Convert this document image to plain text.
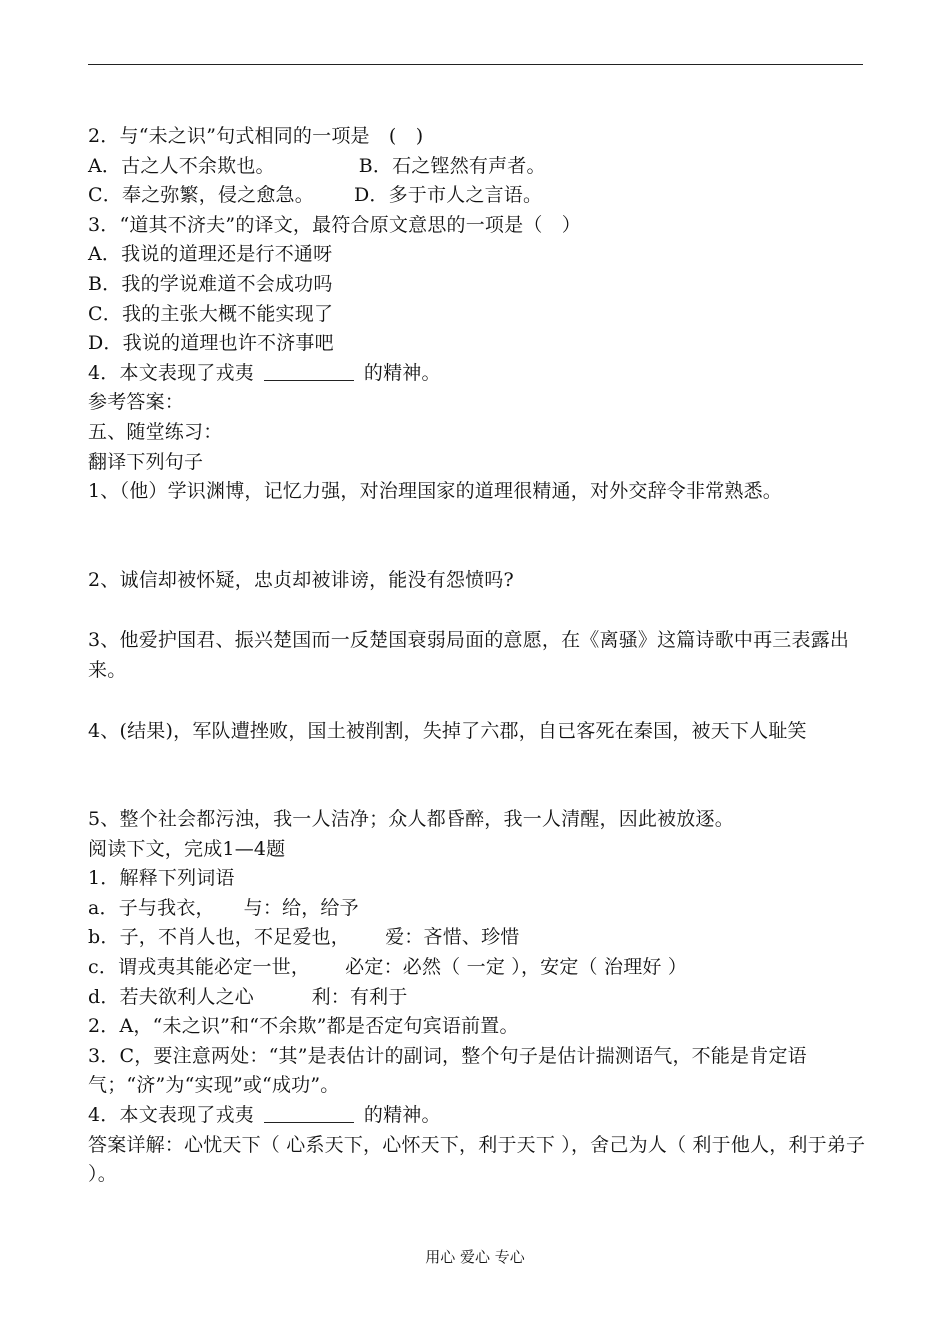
2．与“未之识”句式相同的一项是　(　)
A．古之人不余欺也。	B．石之铿然有声者。
C．奉之弥繁，侵之愈急。 D．多于市人之言语。
3．“道其不济夫”的译文，最符合原文意思的一项是（　）
A．我说的道理还是行不通呀
B．我的学说难道不会成功吗
C．我的主张大概不能实现了
D．我说的道理也许不济事吧
4．本文表现了戎夷	的精神。
参考答案：
五、随堂练习：
翻译下列句子
1、（他）学识渊博，记忆力强，对治理国家的道理很精通，对外交辞令非常熟悉。
2、诚信却被怀疑，忠贞却被诽谤，能没有怨愤吗?
3、他爱护国君、振兴楚国而一反楚国衰弱局面的意愿，在《离骚》这篇诗歌中再三表露出来。
4、(结果)，军队遭挫败，国土被削割，失掉了六郡，自已客死在秦国，被天下人耻笑
5、整个社会都污浊，我一人洁净；众人都昏醉，我一人清醒，因此被放逐。
阅读下文，完成1—4题
1．解释下列词语
a．子与我衣，　　与：给，给予
b．子，不肖人也，不足爱也，　　 爱：吝惜、珍惜
c．谓戎夷其能必定一世，　　 必定：必然（ 一定 ），安定（ 治理好 ）
d．若夫欲利人之心　　　利：有利于
2．A，“未之识”和“不余欺”都是否定句宾语前置。
3．C，要注意两处：“其”是表估计的副词，整个句子是估计揣测语气，不能是肯定语气；“济”为“实现”或“成功”。
4．本文表现了戎夷	的精神。
答案详解：心忧天下（ 心系天下，心怀天下，利于天下 ），舍己为人（ 利于他人，利于弟子 ）。
用心 爱心 专心
